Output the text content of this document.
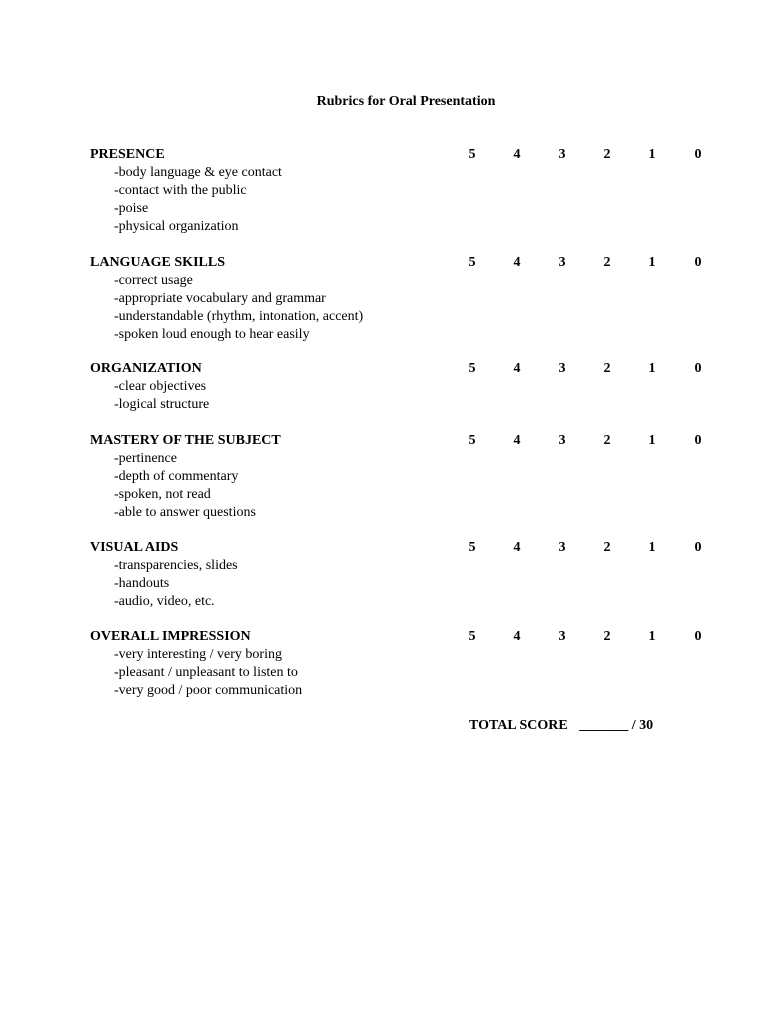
Rubrics for Oral Presentation
PRESENCE	5	4	3	2	1	0
-body language & eye contact
-contact with the public
-poise
-physical organization
LANGUAGE SKILLS	5	4	3	2	1	0
-correct usage
-appropriate vocabulary and grammar
-understandable (rhythm, intonation, accent)
-spoken loud enough to hear easily
ORGANIZATION	5	4	3	2	1	0
-clear objectives
-logical structure
MASTERY OF THE SUBJECT	5	4	3	2	1	0
-pertinence
-depth of commentary
-spoken, not read
-able to answer questions
VISUAL AIDS	5	4	3	2	1	0
-transparencies, slides
-handouts
-audio, video, etc.
OVERALL IMPRESSION	5	4	3	2	1	0
-very interesting / very boring
-pleasant / unpleasant to listen to
-very good / poor communication
TOTAL SCORE _______ / 30
